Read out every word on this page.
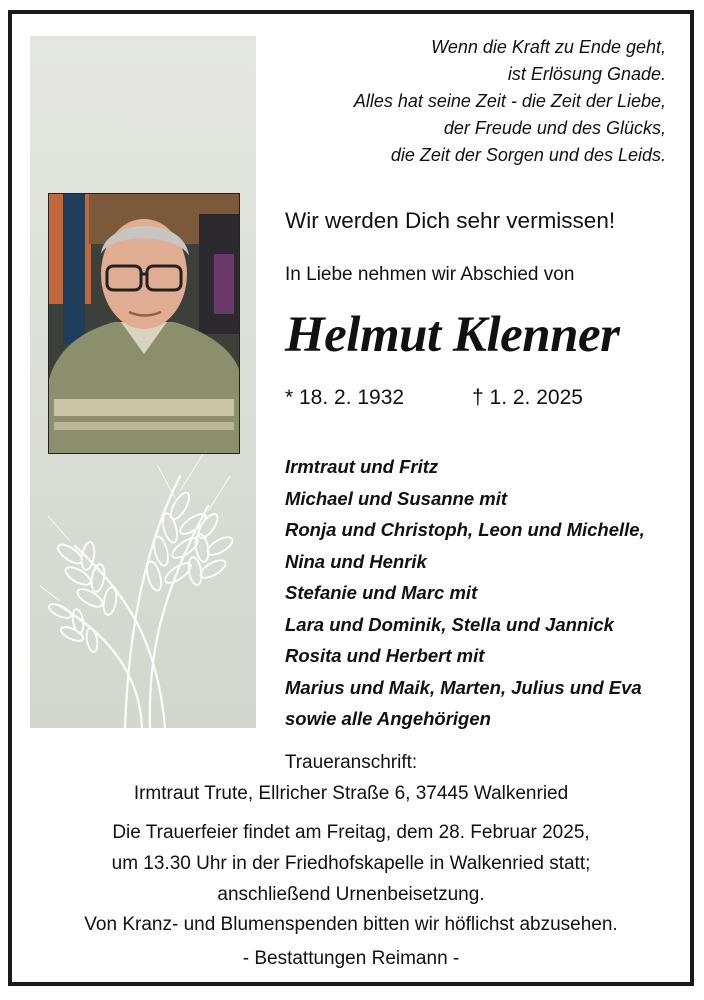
Wenn die Kraft zu Ende geht,
ist Erlösung Gnade.
Alles hat seine Zeit - die Zeit der Liebe,
der Freude und des Glücks,
die Zeit der Sorgen und des Leids.
Wir werden Dich sehr vermissen!
In Liebe nehmen wir Abschied von
Helmut Klenner
* 18. 2. 1932	† 1. 2. 2025
Irmtraut und Fritz
Michael und Susanne mit
Ronja und Christoph, Leon und Michelle,
Nina und Henrik
Stefanie und Marc mit
Lara und Dominik, Stella und Jannick
Rosita und Herbert mit
Marius und Maik, Marten, Julius und Eva
sowie alle Angehörigen
Traueranschrift:
Irmtraut Trute, Ellricher Straße 6, 37445 Walkenried
Die Trauerfeier findet am Freitag, dem 28. Februar 2025,
um 13.30 Uhr in der Friedhofskapelle in Walkenried statt;
anschließend Urnenbeisetzung.
Von Kranz- und Blumenspenden bitten wir höflichst abzusehen.
- Bestattungen Reimann -
